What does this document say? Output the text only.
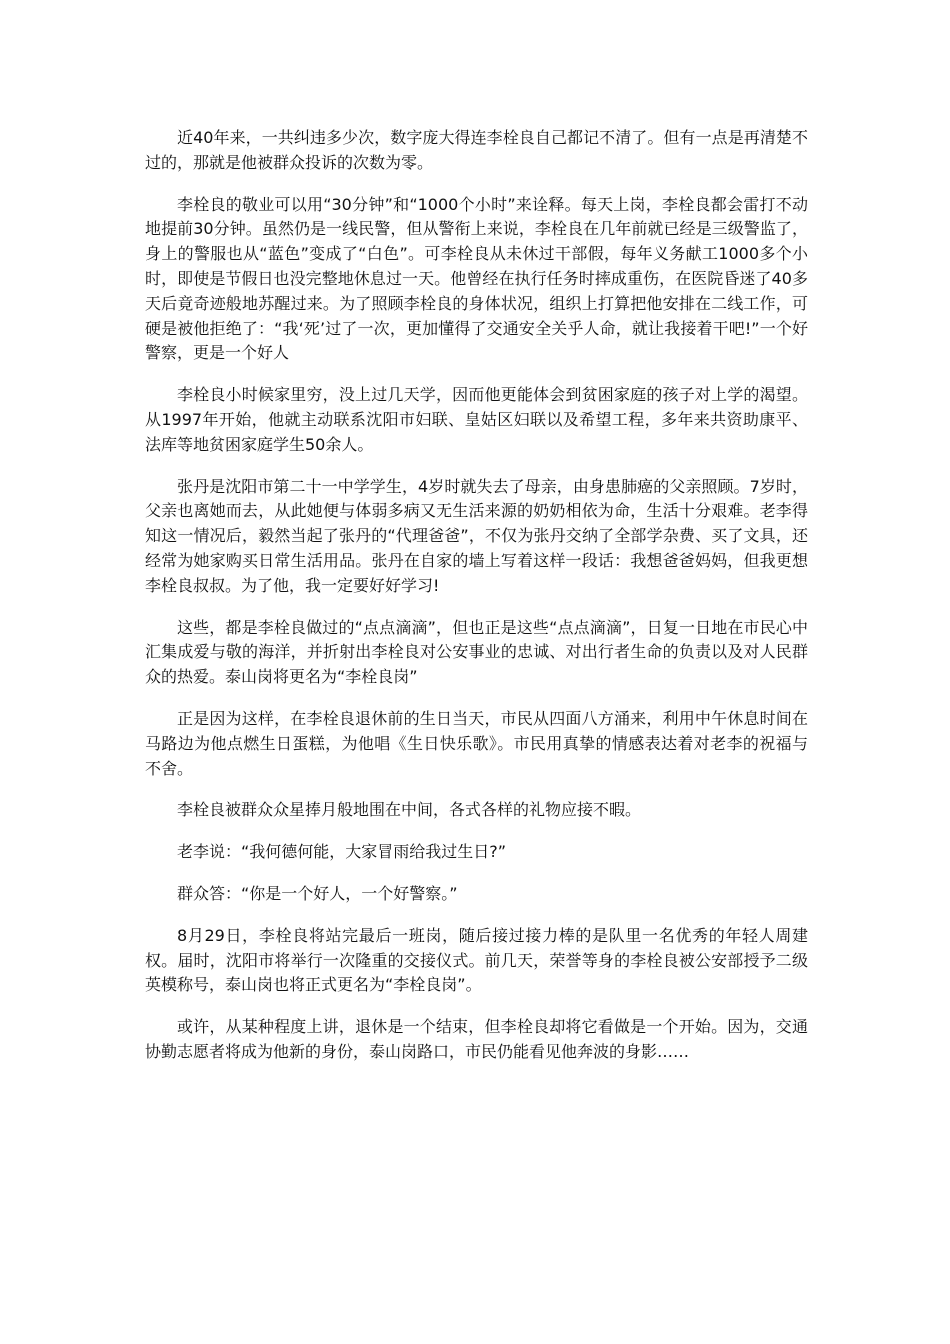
近40年来，一共纠违多少次，数字庞大得连李栓良自己都记不清了。但有一点是再清楚不过的，那就是他被群众投诉的次数为零。

李栓良的敬业可以用“30分钟”和“1000个小时”来诠释。每天上岗，李栓良都会雷打不动地提前30分钟。虽然仍是一线民警，但从警衔上来说，李栓良在几年前就已经是三级警监了，身上的警服也从“蓝色”变成了“白色”。可李栓良从未休过干部假，每年义务献工1000多个小时，即使是节假日也没完整地休息过一天。他曾经在执行任务时摔成重伤，在医院昏迷了40多天后竟奇迹般地苏醒过来。为了照顾李栓良的身体状况，组织上打算把他安排在二线工作，可硬是被他拒绝了：“我‘死’过了一次，更加懂得了交通安全关乎人命，就让我接着干吧!”一个好警察，更是一个好人

李栓良小时候家里穷，没上过几天学，因而他更能体会到贫困家庭的孩子对上学的渴望。从1997年开始，他就主动联系沈阳市妇联、皇姑区妇联以及希望工程，多年来共资助康平、法库等地贫困家庭学生50余人。

张丹是沈阳市第二十一中学学生，4岁时就失去了母亲，由身患肺癌的父亲照顾。7岁时，父亲也离她而去，从此她便与体弱多病又无生活来源的奶奶相依为命，生活十分艰难。老李得知这一情况后，毅然当起了张丹的“代理爸爸”，不仅为张丹交纳了全部学杂费、买了文具，还经常为她家购买日常生活用品。张丹在自家的墙上写着这样一段话：我想爸爸妈妈，但我更想李栓良叔叔。为了他，我一定要好好学习!

这些，都是李栓良做过的“点点滴滴”，但也正是这些“点点滴滴”，日复一日地在市民心中汇集成爱与敬的海洋，并折射出李栓良对公安事业的忠诚、对出行者生命的负责以及对人民群众的热爱。泰山岗将更名为“李栓良岗”

正是因为这样，在李栓良退休前的生日当天，市民从四面八方涌来，利用中午休息时间在马路边为他点燃生日蛋糕，为他唱《生日快乐歌》。市民用真挚的情感表达着对老李的祝福与不舍。

李栓良被群众众星捧月般地围在中间，各式各样的礼物应接不暇。

老李说：“我何德何能，大家冒雨给我过生日?”

群众答：“你是一个好人，一个好警察。”

8月29日，李栓良将站完最后一班岗，随后接过接力棒的是队里一名优秀的年轻人周建权。届时，沈阳市将举行一次隆重的交接仪式。前几天，荣誉等身的李栓良被公安部授予二级英模称号，泰山岗也将正式更名为“李栓良岗”。

或许，从某种程度上讲，退休是一个结束，但李栓良却将它看做是一个开始。因为，交通协勤志愿者将成为他新的身份，泰山岗路口，市民仍能看见他奔波的身影……
